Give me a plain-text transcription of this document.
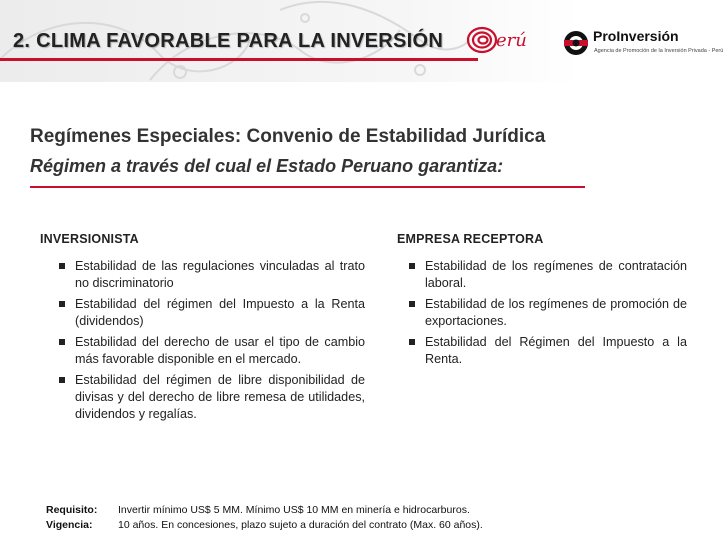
2. CLIMA FAVORABLE PARA LA INVERSIÓN	erú	ProInversión
Agencia de Promoción de la Inversión Privada - Perú
Regímenes Especiales: Convenio de Estabilidad Jurídica
Régimen a través del cual el Estado Peruano garantiza:
INVERSIONISTA
Estabilidad de las regulaciones vinculadas al trato no discriminatorio
Estabilidad del régimen del Impuesto a la Renta (dividendos)
Estabilidad del derecho de usar el tipo de cambio más favorable disponible en el mercado.
Estabilidad del régimen de libre disponibilidad de divisas y del derecho de libre remesa de utilidades, dividendos y regalías.
EMPRESA RECEPTORA
Estabilidad de los regímenes de contratación laboral.
Estabilidad de los regímenes de promoción de exportaciones.
Estabilidad del Régimen del Impuesto a la Renta.
Requisito:	Invertir mínimo US$ 5 MM. Mínimo US$ 10 MM en minería e hidrocarburos.
Vigencia:	10 años. En concesiones, plazo sujeto a duración del contrato (Max. 60 años).
